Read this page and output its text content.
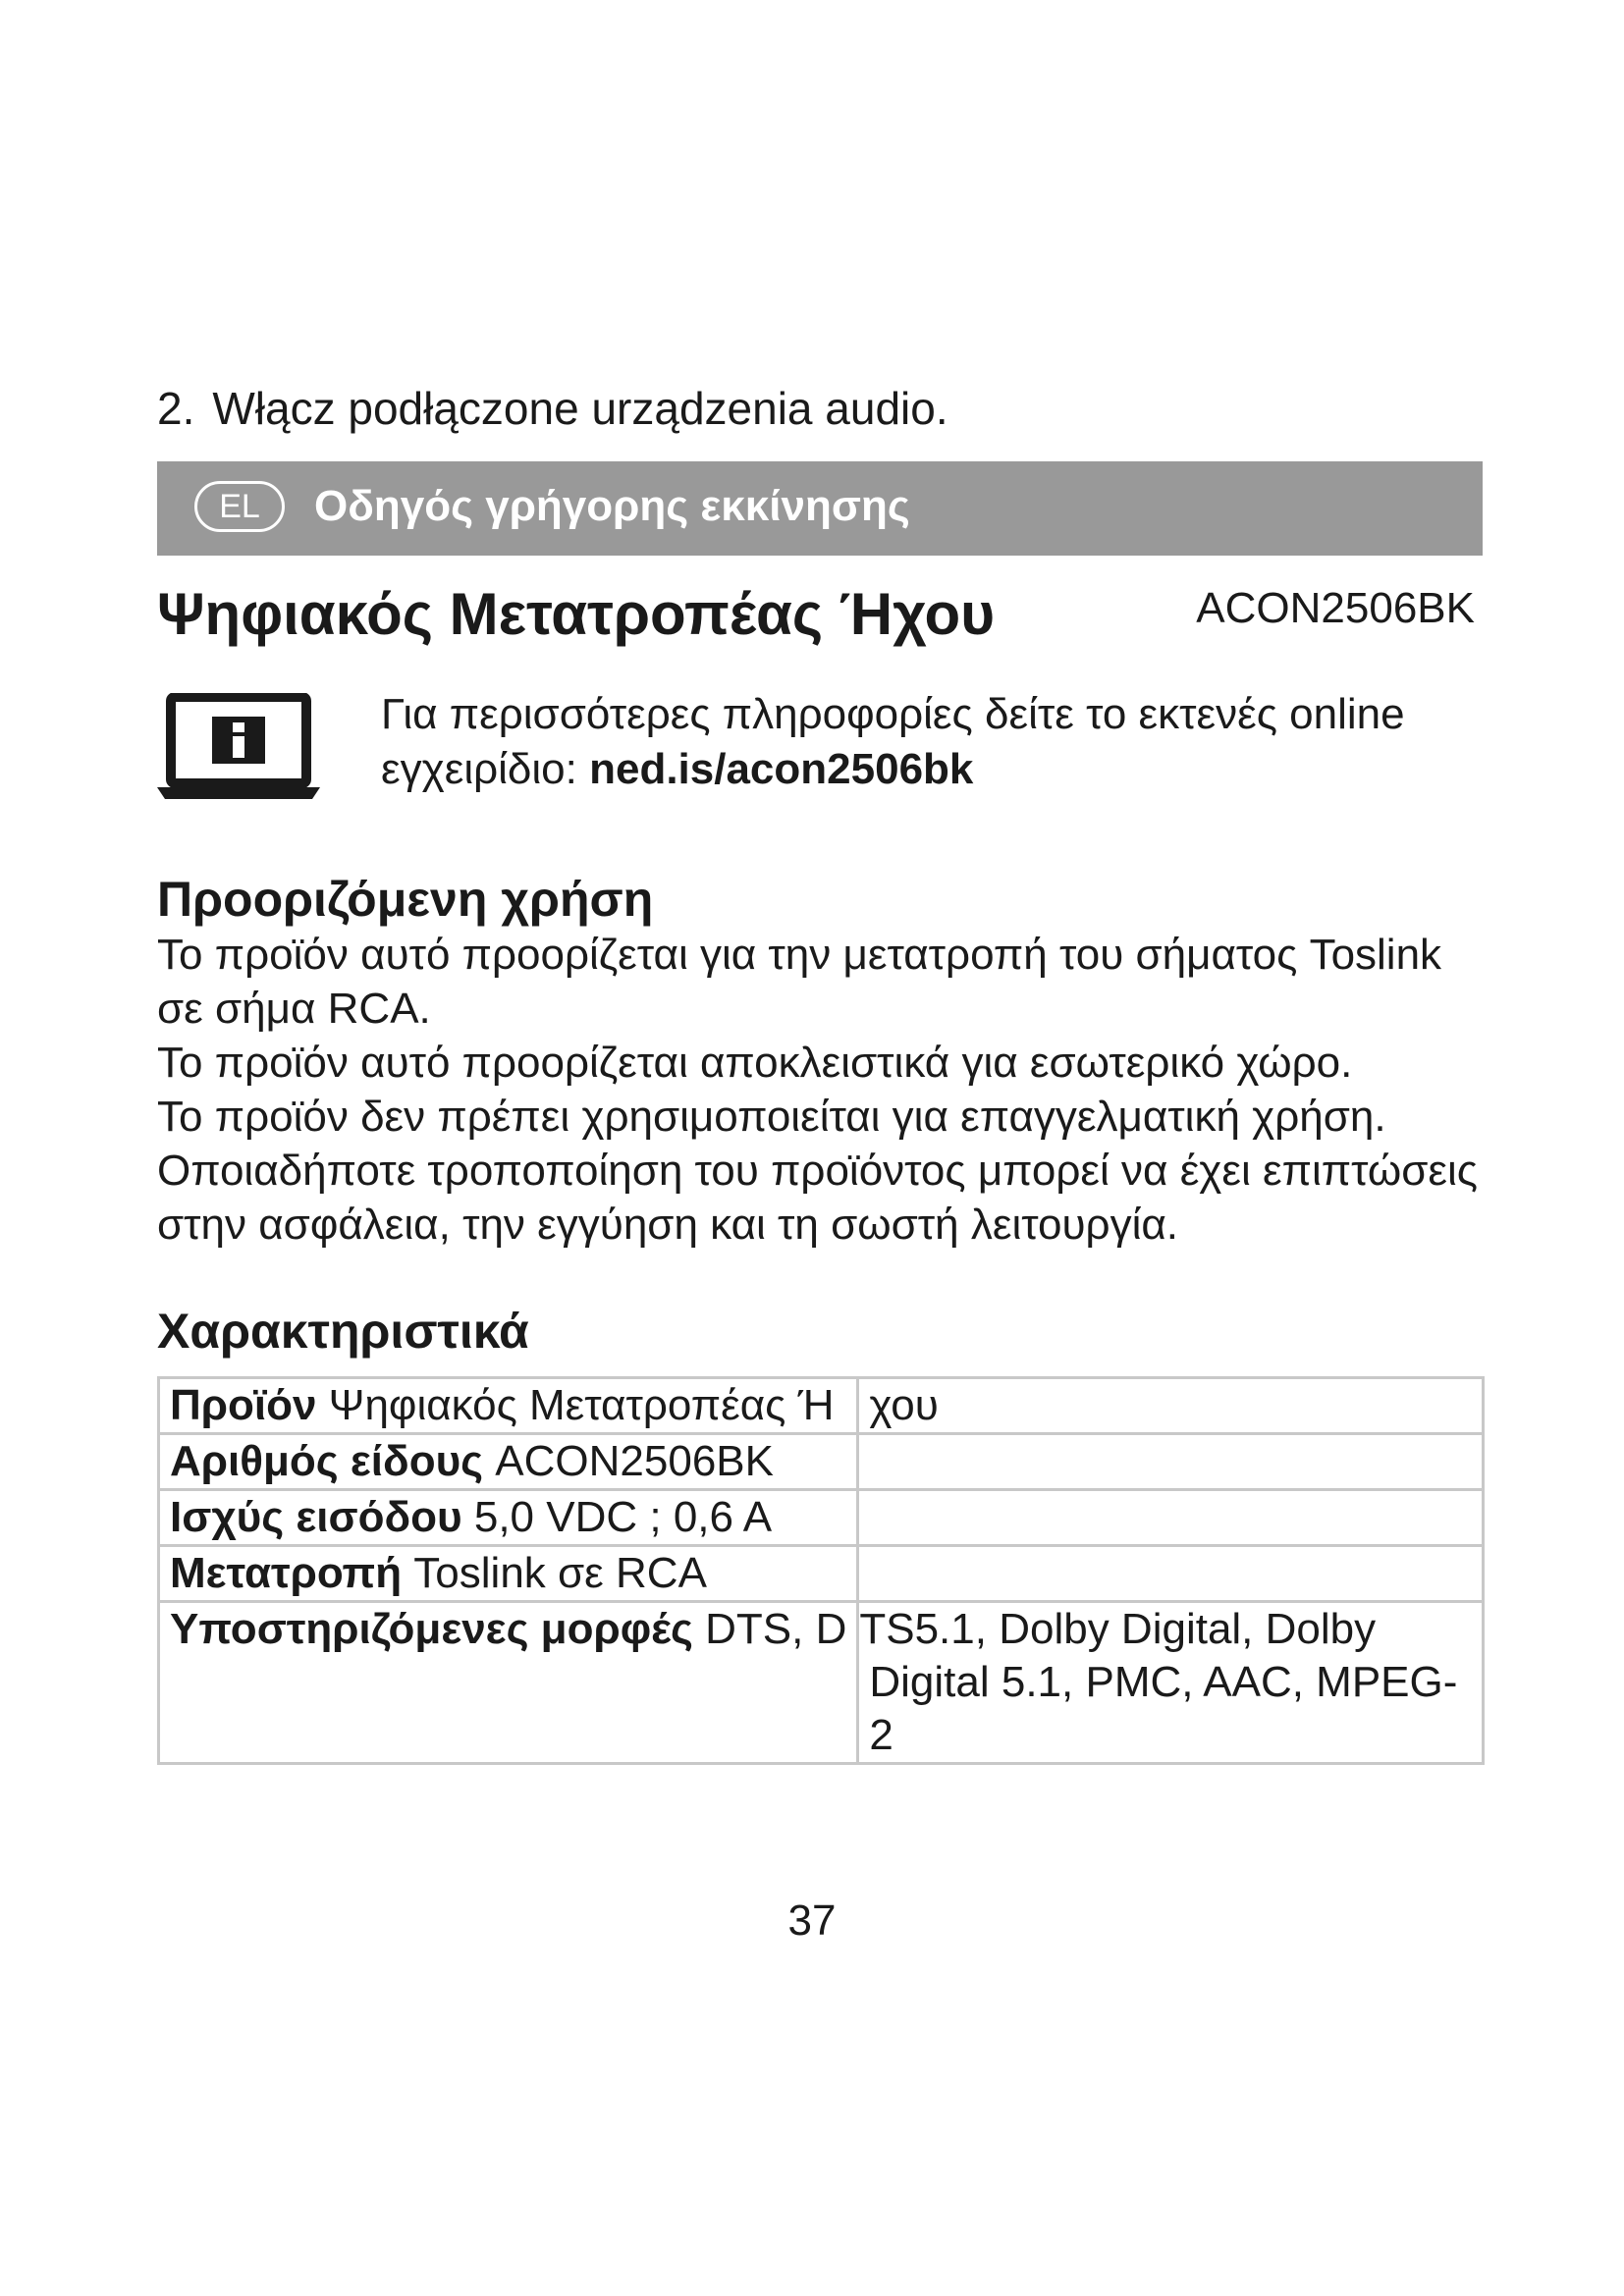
2. Włącz podłączone urządzenia audio.
EL	Οδηγός γρήγορης εκκίνησης
Ψηφιακός Μετατροπέας Ήχου	ACON2506BK
Για περισσότερες πληροφορίες δείτε το εκτενές online εγχειρίδιο: ned.is/acon2506bk
Προοριζόμενη χρήση

Το προϊόν αυτό προορίζεται για την μετατροπή του σήματος Toslink σε σήμα RCA.

Το προϊόν αυτό προορίζεται αποκλειστικά για εσωτερικό χώρο.

Το προϊόν δεν πρέπει χρησιμοποιείται για επαγγελματική χρήση.

Οποιαδήποτε τροποποίηση του προϊόντος μπορεί να έχει επιπτώσεις στην ασφάλεια, την εγγύηση και τη σωστή λειτουργία.

Χαρακτηριστικά
Προϊόν Ψηφιακός Μετατροπέας Ή	χου
Αριθμός είδους ACON2506BK	
Ισχύς εισόδου 5,0 VDC ; 0,6 A	
Μετατροπή Toslink σε RCA	
Υποστηριζόμενες μορφές DTS, D	TS5.1, Dolby Digital, Dolby
Digital 5.1, PMC, AAC, MPEG-2
37
